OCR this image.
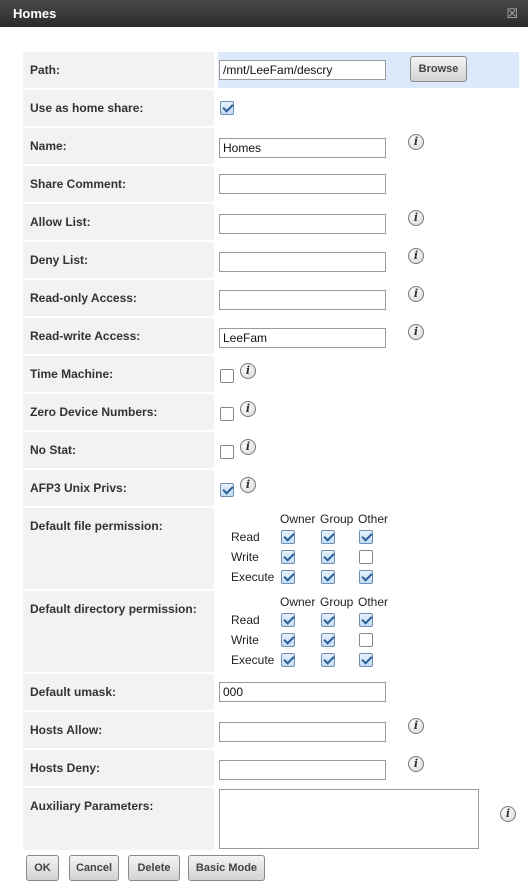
Homes	☒
Path:	/mnt/LeeFam/descry	Browse
Use as home share:
Name:	Homes	i
Share Comment:
Allow List:	i
Deny List:	i
Read-only Access:	i
Read-write Access:	LeeFam	i
Time Machine:	i
Zero Device Numbers:	i
No Stat:	i
AFP3 Unix Privs:	i
Default file permission:	Owner Group Other
Read
Write
Execute
Default directory permission:	Owner Group Other
Read
Write
Execute
Default umask:	000
Hosts Allow:	i
Hosts Deny:	i
Auxiliary Parameters:
i
OK	Cancel	Delete	Basic Mode
